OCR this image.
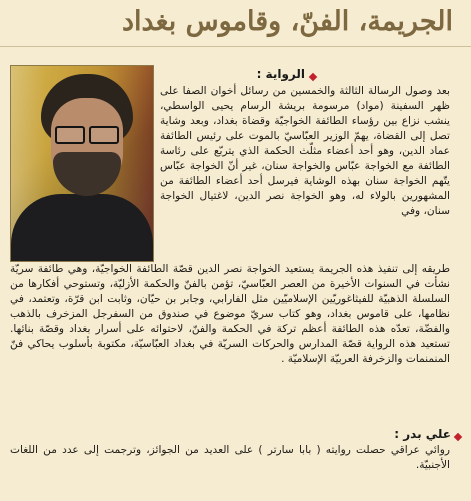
الجريمة، الفنّ، وقاموس بغداد
الرواية :

بعد وصول الرسالة الثالثة والخمسين من رسائل أخوان الصفا على ظهر السفينة (مواد) مرسومة بريشة الرسام يحيى الواسطي، ينشب نزاع بين رؤساء الطائفة الخواجيّة وقضاة بغداد، وبعد وشاية تصل إلى القضاة، يهمّ الوزير العبّاسيّ بالموت على رئيس الطائفة عماد الدين، وهو أحد أعضاء مثلّث الحكمة الذي يتربّع على رئاسة الطائفة مع الخواجة عبّاس والخواجة سنان، غير أنّ الخواجة عبّاس يتّهم الخواجة سنان بهذه الوشاية فيرسل أحد أعضاء الطائفة من المشهورين بالولاء له، وهو الخواجة نصر الدين، لاغتيال الخواجة سنان، وفي

طريقه إلى تنفيذ هذه الجريمة يستعيد الخواجة نصر الدين قصّة الطائفة الخواجيّة، وهي طائفة سريّة نشأت في السنوات الأخيرة من العصر العبّاسيّ، تؤمن بالفنّ والحكمة الأزليّة، وتستوحي أفكارها من السلسلة الذهبيّة للفيثاغوريّين الإسلاميّين مثل الفارابي، وجابر بن حيّان، وثابت ابن قرّة، وتعتمد، في نظامها، على قاموس بغداد، وهو كتاب سريّ موضوع في صندوق من السفرجل المزخرف بالذهب والفضّة، تعدّه هذه الطائفة أعظم تركة في الحكمة والفنّ، لاحتوائه على أسرار بغداد وقصّة بنائها. تستعيد هذه الرواية قصّة المدارس والحركات السريّة في بغداد العبّاسيّة، مكتوبة بأسلوب يحاكي فنّ المنمنمات والزخرفة العربيّة الإسلاميّة .

علي بدر :

روائي عراقي حصلت روايته ( بابا سارتر ) على العديد من الجوائز، وترجمت إلى عدد من اللغات الأجنبيّة.
